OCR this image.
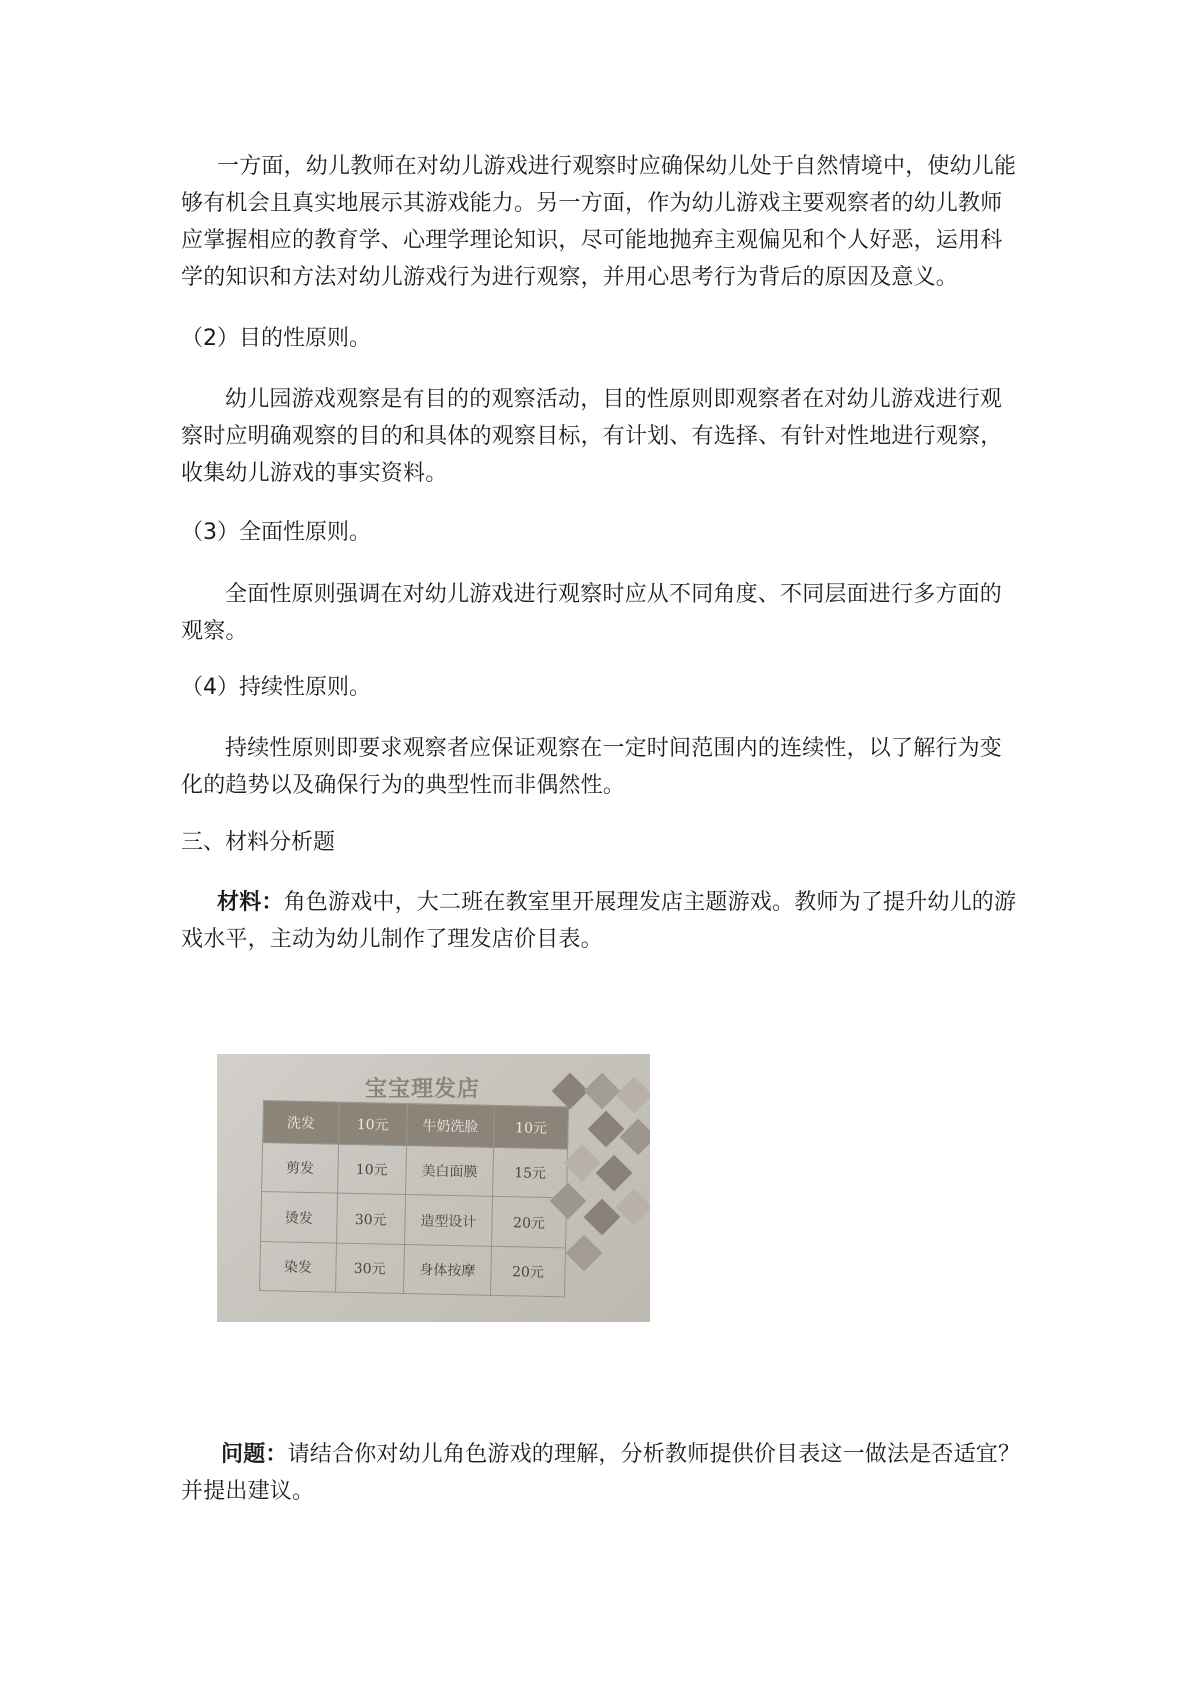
一方面，幼儿教师在对幼儿游戏进行观察时应确保幼儿处于自然情境中，使幼儿能够有机会且真实地展示其游戏能力。另一方面，作为幼儿游戏主要观察者的幼儿教师应掌握相应的教育学、心理学理论知识，尽可能地抛弃主观偏见和个人好恶，运用科学的知识和方法对幼儿游戏行为进行观察，并用心思考行为背后的原因及意义。

（2）目的性原则。

幼儿园游戏观察是有目的的观察活动，目的性原则即观察者在对幼儿游戏进行观察时应明确观察的目的和具体的观察目标，有计划、有选择、有针对性地进行观察，收集幼儿游戏的事实资料。

（3）全面性原则。

全面性原则强调在对幼儿游戏进行观察时应从不同角度、不同层面进行多方面的观察。

（4）持续性原则。

持续性原则即要求观察者应保证观察在一定时间范围内的连续性，以了解行为变化的趋势以及确保行为的典型性而非偶然性。

三、材料分析题

材料：角色游戏中，大二班在教室里开展理发店主题游戏。教师为了提升幼儿的游戏水平，主动为幼儿制作了理发店价目表。

宝宝理发店
洗发	10元	牛奶洗脸	10元
剪发	10元	美白面膜	15元
烫发	30元	造型设计	20元
染发	30元	身体按摩	20元

问题：请结合你对幼儿角色游戏的理解，分析教师提供价目表这一做法是否适宜？并提出建议。
